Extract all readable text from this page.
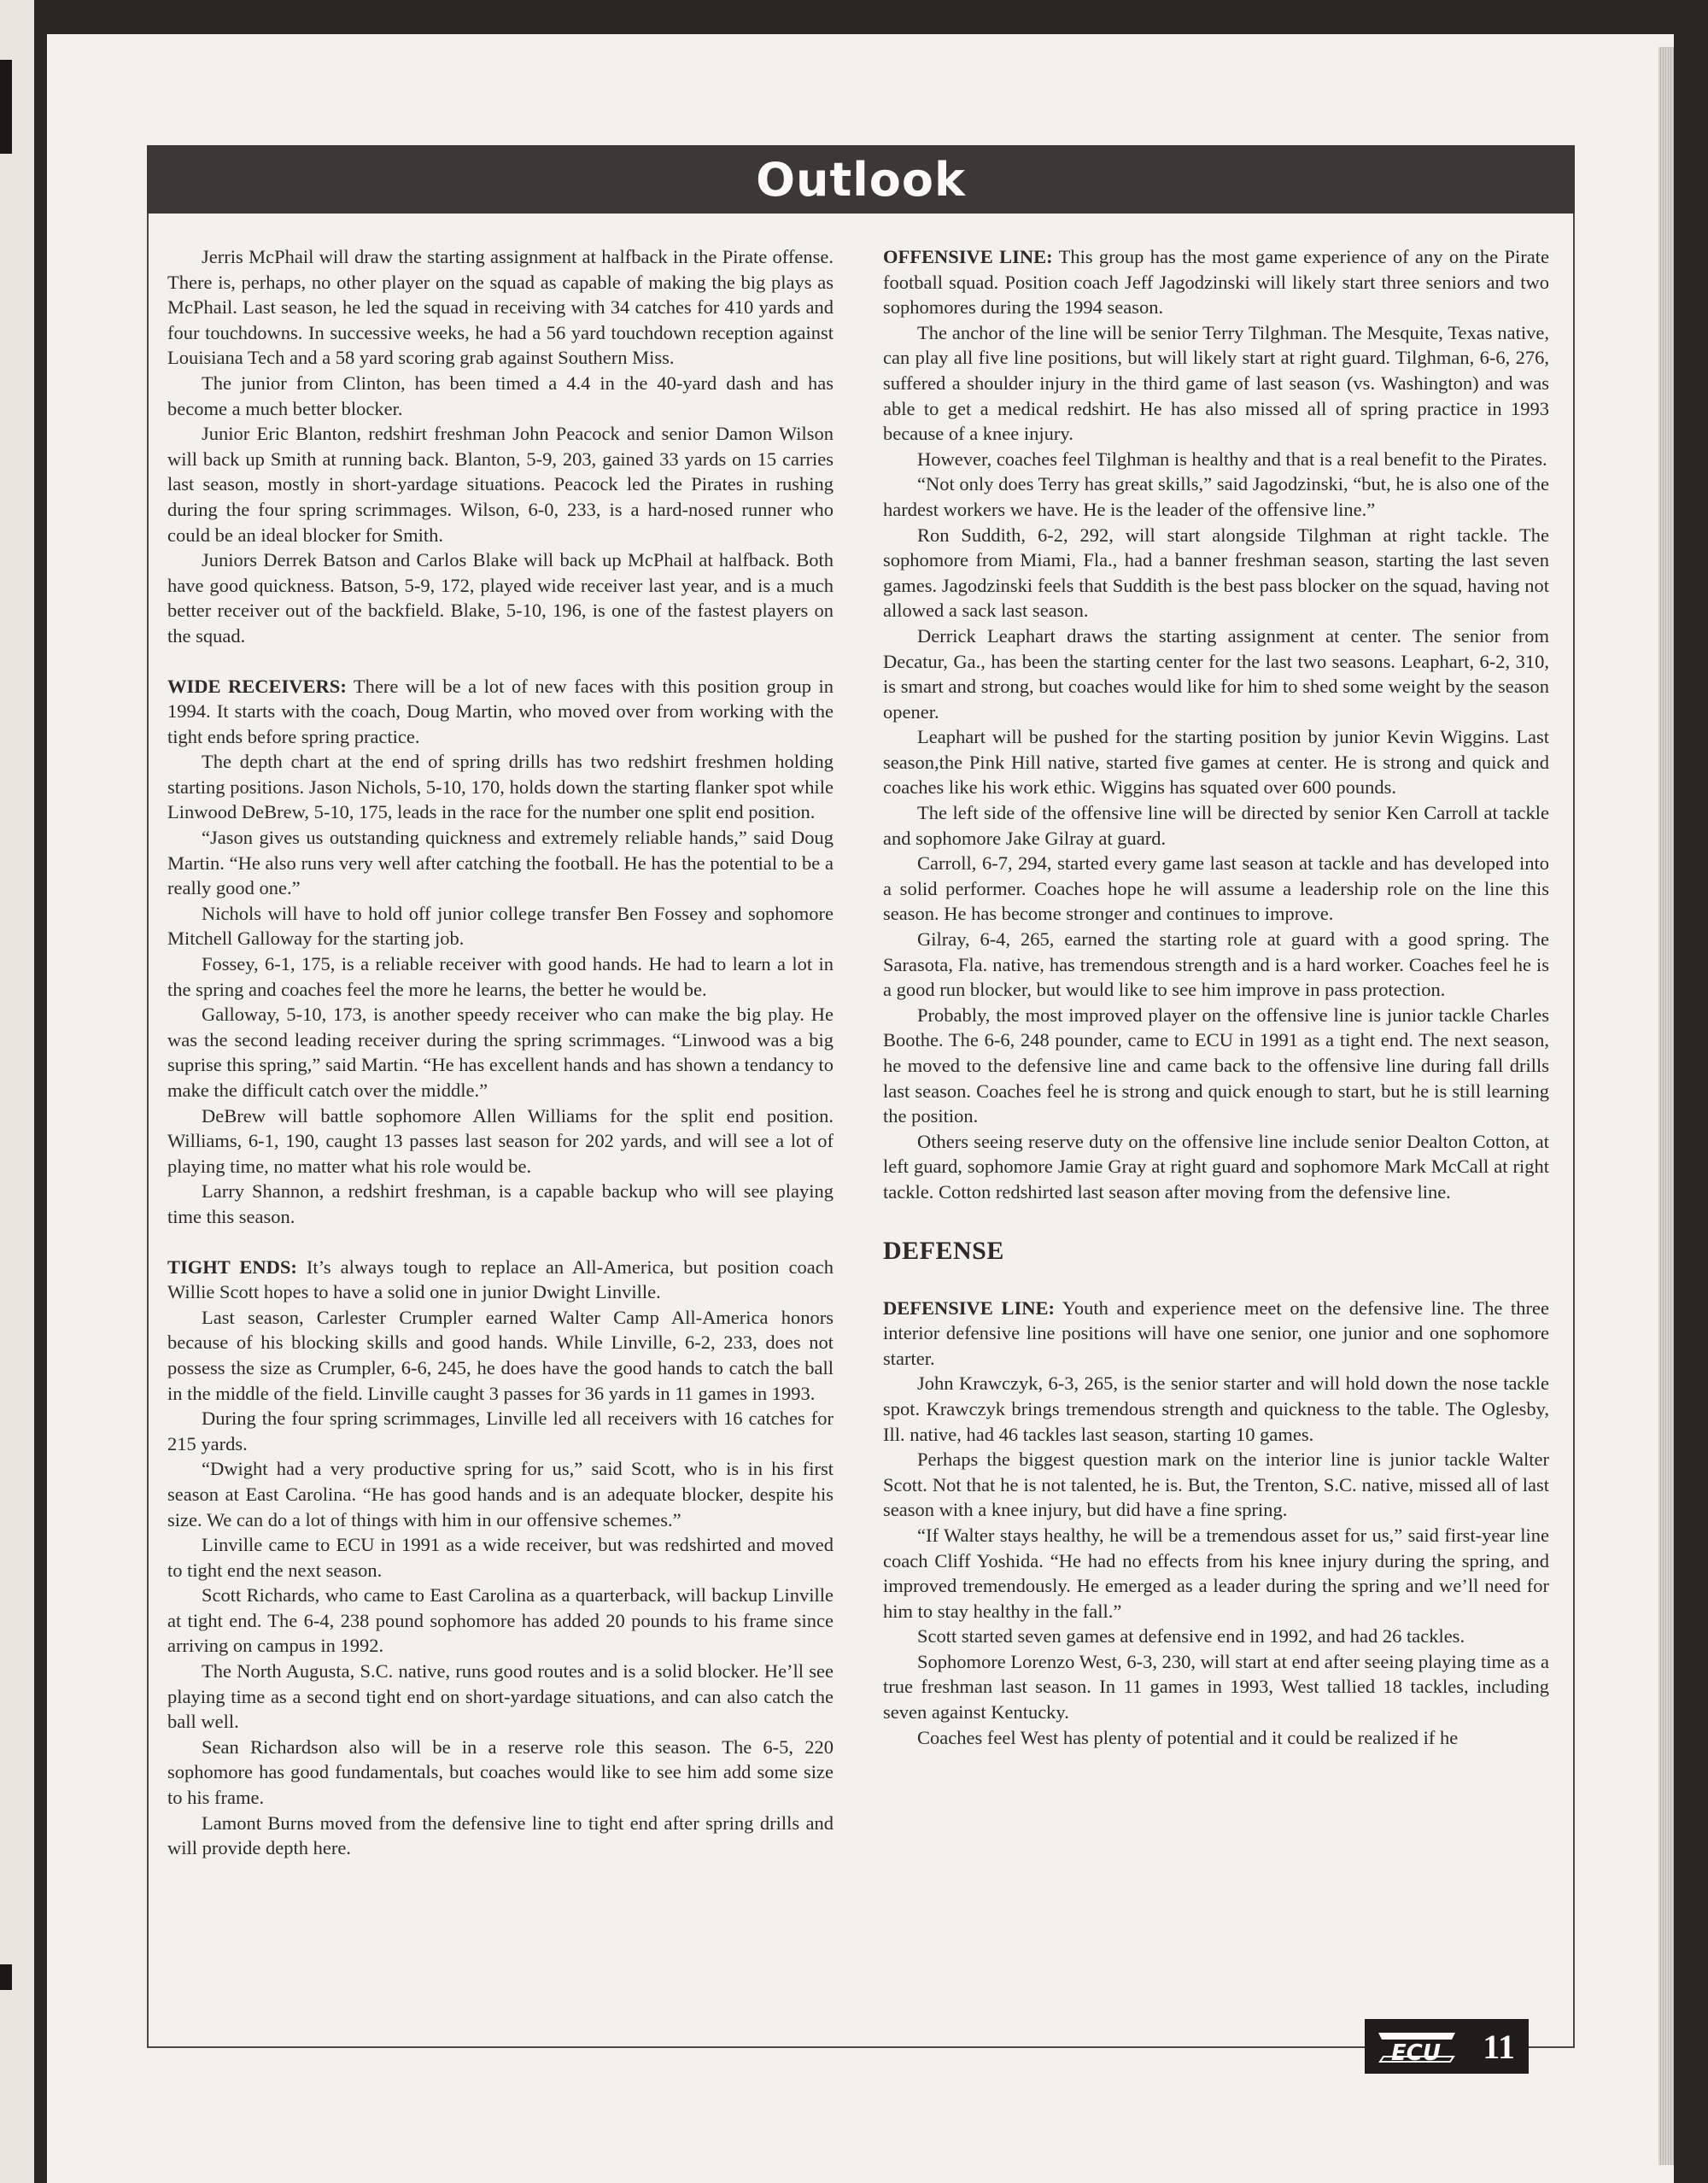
Outlook

Jerris McPhail will draw the starting assignment at halfback in the Pirate offense. There is, perhaps, no other player on the squad as capable of making the big plays as McPhail. Last season, he led the squad in receiving with 34 catches for 410 yards and four touchdowns. In successive weeks, he had a 56 yard touchdown reception against Louisiana Tech and a 58 yard scoring grab against Southern Miss.

The junior from Clinton, has been timed a 4.4 in the 40-yard dash and has become a much better blocker.

Junior Eric Blanton, redshirt freshman John Peacock and senior Damon Wilson will back up Smith at running back. Blanton, 5-9, 203, gained 33 yards on 15 carries last season, mostly in short-yardage situations. Peacock led the Pirates in rushing during the four spring scrimmages. Wilson, 6-0, 233, is a hard-nosed runner who could be an ideal blocker for Smith.

Juniors Derrek Batson and Carlos Blake will back up McPhail at halfback. Both have good quickness. Batson, 5-9, 172, played wide receiver last year, and is a much better receiver out of the backfield. Blake, 5-10, 196, is one of the fastest players on the squad.

WIDE RECEIVERS: There will be a lot of new faces with this position group in 1994. It starts with the coach, Doug Martin, who moved over from working with the tight ends before spring practice.

The depth chart at the end of spring drills has two redshirt freshmen holding starting positions. Jason Nichols, 5-10, 170, holds down the starting flanker spot while Linwood DeBrew, 5-10, 175, leads in the race for the number one split end position.

“Jason gives us outstanding quickness and extremely reliable hands,” said Doug Martin. “He also runs very well after catching the football. He has the potential to be a really good one.”

Nichols will have to hold off junior college transfer Ben Fossey and sophomore Mitchell Galloway for the starting job.

Fossey, 6-1, 175, is a reliable receiver with good hands. He had to learn a lot in the spring and coaches feel the more he learns, the better he would be.

Galloway, 5-10, 173, is another speedy receiver who can make the big play. He was the second leading receiver during the spring scrimmages. “Linwood was a big suprise this spring,” said Martin. “He has excellent hands and has shown a tendancy to make the difficult catch over the middle.”

DeBrew will battle sophomore Allen Williams for the split end position. Williams, 6-1, 190, caught 13 passes last season for 202 yards, and will see a lot of playing time, no matter what his role would be.

Larry Shannon, a redshirt freshman, is a capable backup who will see playing time this season.

TIGHT ENDS: It’s always tough to replace an All-America, but position coach Willie Scott hopes to have a solid one in junior Dwight Linville.

Last season, Carlester Crumpler earned Walter Camp All-America honors because of his blocking skills and good hands. While Linville, 6-2, 233, does not possess the size as Crumpler, 6-6, 245, he does have the good hands to catch the ball in the middle of the field. Linville caught 3 passes for 36 yards in 11 games in 1993.

During the four spring scrimmages, Linville led all receivers with 16 catches for 215 yards.

“Dwight had a very productive spring for us,” said Scott, who is in his first season at East Carolina. “He has good hands and is an adequate blocker, despite his size. We can do a lot of things with him in our offensive schemes.”

Linville came to ECU in 1991 as a wide receiver, but was redshirted and moved to tight end the next season.

Scott Richards, who came to East Carolina as a quarterback, will backup Linville at tight end. The 6-4, 238 pound sophomore has added 20 pounds to his frame since arriving on campus in 1992.

The North Augusta, S.C. native, runs good routes and is a solid blocker. He’ll see playing time as a second tight end on short-yardage situations, and can also catch the ball well.

Sean Richardson also will be in a reserve role this season. The 6-5, 220 sophomore has good fundamentals, but coaches would like to see him add some size to his frame.

Lamont Burns moved from the defensive line to tight end after spring drills and will provide depth here.

OFFENSIVE LINE: This group has the most game experience of any on the Pirate football squad. Position coach Jeff Jagodzinski will likely start three seniors and two sophomores during the 1994 season.

The anchor of the line will be senior Terry Tilghman. The Mesquite, Texas native, can play all five line positions, but will likely start at right guard. Tilghman, 6-6, 276, suffered a shoulder injury in the third game of last season (vs. Washington) and was able to get a medical redshirt. He has also missed all of spring practice in 1993 because of a knee injury.

However, coaches feel Tilghman is healthy and that is a real benefit to the Pirates.

“Not only does Terry has great skills,” said Jagodzinski, “but, he is also one of the hardest workers we have. He is the leader of the offensive line.”

Ron Suddith, 6-2, 292, will start alongside Tilghman at right tackle. The sophomore from Miami, Fla., had a banner freshman season, starting the last seven games. Jagodzinski feels that Suddith is the best pass blocker on the squad, having not allowed a sack last season.

Derrick Leaphart draws the starting assignment at center. The senior from Decatur, Ga., has been the starting center for the last two seasons. Leaphart, 6-2, 310, is smart and strong, but coaches would like for him to shed some weight by the season opener.

Leaphart will be pushed for the starting position by junior Kevin Wiggins. Last season,the Pink Hill native, started five games at center. He is strong and quick and coaches like his work ethic. Wiggins has squated over 600 pounds.

The left side of the offensive line will be directed by senior Ken Carroll at tackle and sophomore Jake Gilray at guard.

Carroll, 6-7, 294, started every game last season at tackle and has developed into a solid performer. Coaches hope he will assume a leadership role on the line this season. He has become stronger and continues to improve.

Gilray, 6-4, 265, earned the starting role at guard with a good spring. The Sarasota, Fla. native, has tremendous strength and is a hard worker. Coaches feel he is a good run blocker, but would like to see him improve in pass protection.

Probably, the most improved player on the offensive line is junior tackle Charles Boothe. The 6-6, 248 pounder, came to ECU in 1991 as a tight end. The next season, he moved to the defensive line and came back to the offensive line during fall drills last season. Coaches feel he is strong and quick enough to start, but he is still learning the position.

Others seeing reserve duty on the offensive line include senior Dealton Cotton, at left guard, sophomore Jamie Gray at right guard and sophomore Mark McCall at right tackle. Cotton redshirted last season after moving from the defensive line.

DEFENSE

DEFENSIVE LINE: Youth and experience meet on the defensive line. The three interior defensive line positions will have one senior, one junior and one sophomore starter.

John Krawczyk, 6-3, 265, is the senior starter and will hold down the nose tackle spot. Krawczyk brings tremendous strength and quickness to the table. The Oglesby, Ill. native, had 46 tackles last season, starting 10 games.

Perhaps the biggest question mark on the interior line is junior tackle Walter Scott. Not that he is not talented, he is. But, the Trenton, S.C. native, missed all of last season with a knee injury, but did have a fine spring.

“If Walter stays healthy, he will be a tremendous asset for us,” said first-year line coach Cliff Yoshida. “He had no effects from his knee injury during the spring, and improved tremendously. He emerged as a leader during the spring and we’ll need for him to stay healthy in the fall.”

Scott started seven games at defensive end in 1992, and had 26 tackles.

Sophomore Lorenzo West, 6-3, 230, will start at end after seeing playing time as a true freshman last season. In 11 games in 1993, West tallied 18 tackles, including seven against Kentucky.

Coaches feel West has plenty of potential and it could be realized if he

ECU 11
